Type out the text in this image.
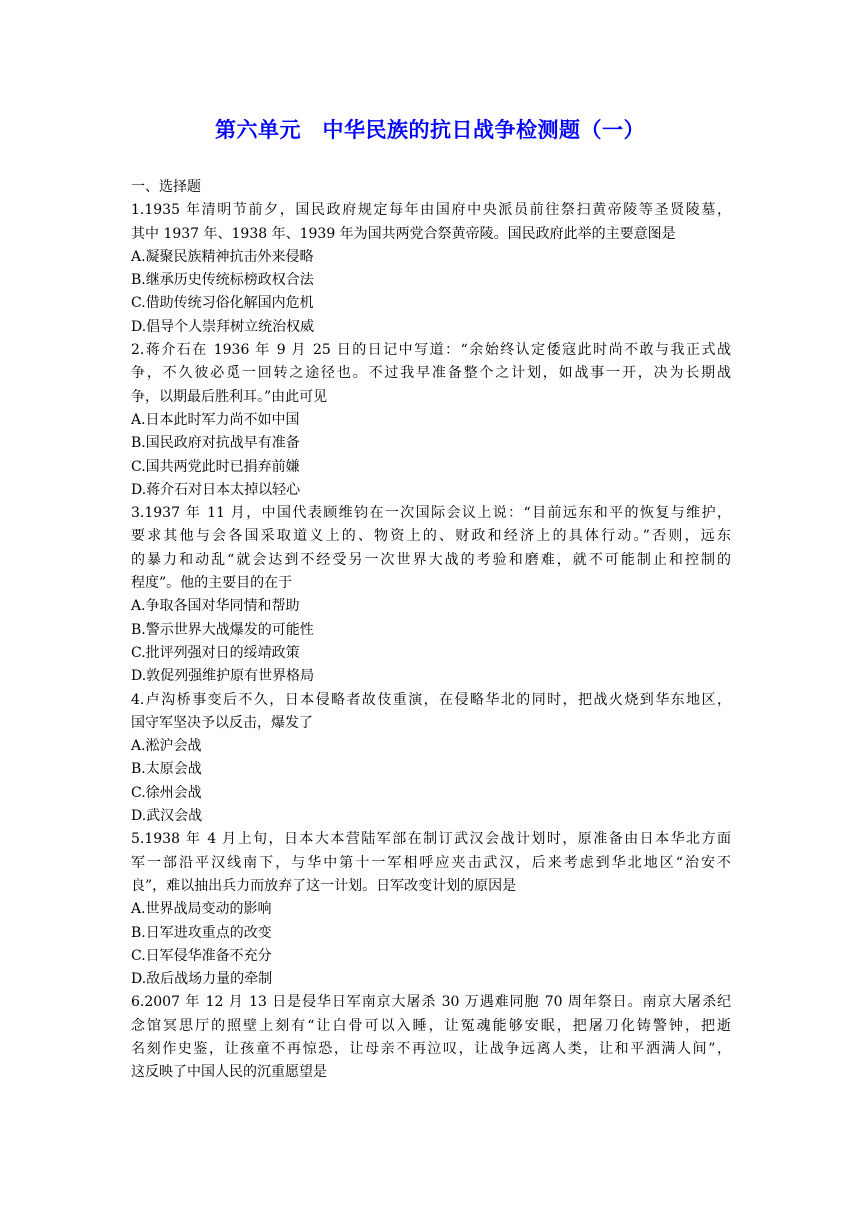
第六单元　中华民族的抗日战争检测题（一）
一、选择题
1.1935 年清明节前夕，国民政府规定每年由国府中央派员前往祭扫黄帝陵等圣贤陵墓，
其中 1937 年、1938 年、1939 年为国共两党合祭黄帝陵。国民政府此举的主要意图是
A.凝聚民族精神抗击外来侵略
B.继承历史传统标榜政权合法
C.借助传统习俗化解国内危机
D.倡导个人崇拜树立统治权威
2.蒋介石在 1936 年 9 月 25 日的日记中写道：“余始终认定倭寇此时尚不敢与我正式战
争，不久彼必觅一回转之途径也。不过我早准备整个之计划，如战事一开，决为长期战
争，以期最后胜利耳。”由此可见
A.日本此时军力尚不如中国
B.国民政府对抗战早有准备
C.国共两党此时已捐弃前嫌
D.蒋介石对日本太掉以轻心
3.1937 年 11 月，中国代表顾维钧在一次国际会议上说：“目前远东和平的恢复与维护，
要求其他与会各国采取道义上的、物资上的、财政和经济上的具体行动。”否则，远东
的暴力和动乱“就会达到不经受另一次世界大战的考验和磨难，就不可能制止和控制的
程度”。他的主要目的在于
A.争取各国对华同情和帮助
B.警示世界大战爆发的可能性
C.批评列强对日的绥靖政策
D.敦促列强维护原有世界格局
4.卢沟桥事变后不久，日本侵略者故伎重演，在侵略华北的同时，把战火烧到华东地区，
国守军坚决予以反击，爆发了
A.淞沪会战
B.太原会战
C.徐州会战
D.武汉会战
5.1938 年 4 月上旬，日本大本营陆军部在制订武汉会战计划时，原准备由日本华北方面
军一部沿平汉线南下，与华中第十一军相呼应夹击武汉，后来考虑到华北地区“治安不
良”，难以抽出兵力而放弃了这一计划。日军改变计划的原因是
A.世界战局变动的影响
B.日军进攻重点的改变
C.日军侵华准备不充分
D.敌后战场力量的牵制
6.2007 年 12 月 13 日是侵华日军南京大屠杀 30 万遇难同胞 70 周年祭日。南京大屠杀纪
念馆冥思厅的照壁上刻有“让白骨可以入睡，让冤魂能够安眠，把屠刀化铸警钟，把逝
名刻作史鉴，让孩童不再惊恐，让母亲不再泣叹，让战争远离人类，让和平洒满人间”，
这反映了中国人民的沉重愿望是
